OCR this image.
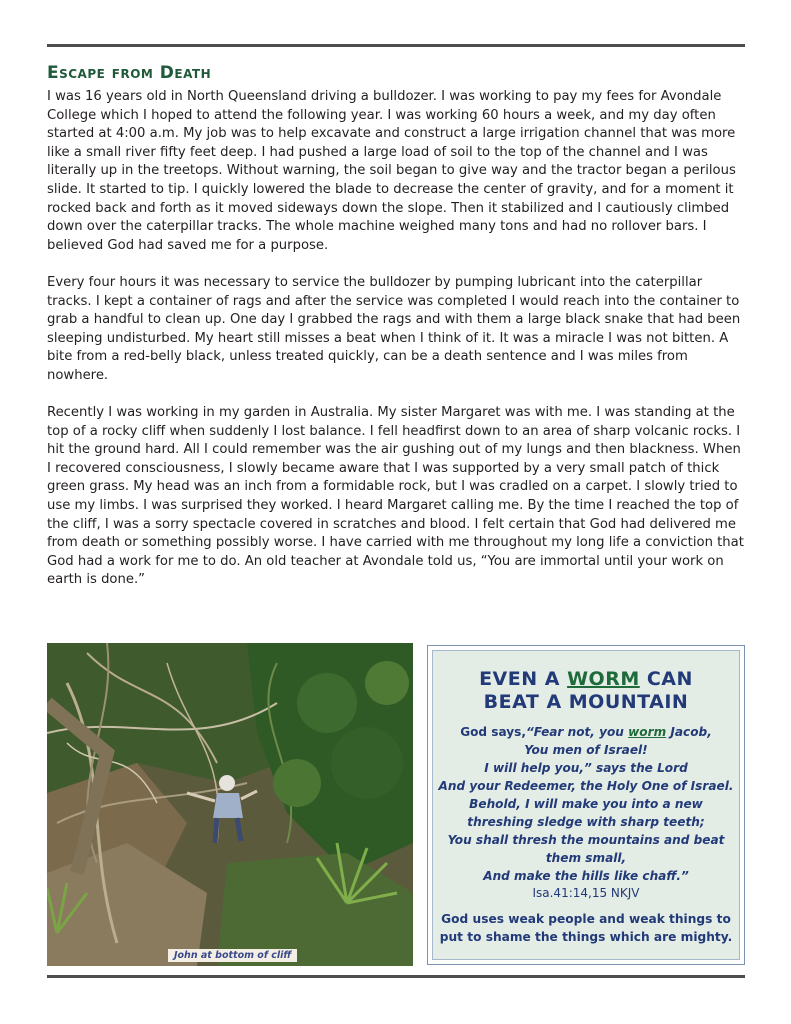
Escape from Death

I was 16 years old in North Queensland driving a bulldozer. I was working to pay my fees for Avondale College which I hoped to attend the following year. I was working 60 hours a week, and my day often started at 4:00 a.m. My job was to help excavate and construct a large irrigation channel that was more like a small river fifty feet deep. I had pushed a large load of soil to the top of the channel and I was literally up in the treetops. Without warning, the soil began to give way and the tractor began a perilous slide. It started to tip. I quickly lowered the blade to decrease the center of gravity, and for a moment it rocked back and forth as it moved sideways down the slope. Then it stabilized and I cautiously climbed down over the caterpillar tracks. The whole machine weighed many tons and had no rollover bars. I believed God had saved me for a purpose.

Every four hours it was necessary to service the bulldozer by pumping lubricant into the caterpillar tracks. I kept a container of rags and after the service was completed I would reach into the container to grab a handful to clean up. One day I grabbed the rags and with them a large black snake that had been sleeping undisturbed. My heart still misses a beat when I think of it. It was a miracle I was not bitten. A bite from a red-belly black, unless treated quickly, can be a death sentence and I was miles from nowhere.

Recently I was working in my garden in Australia. My sister Margaret was with me. I was standing at the top of a rocky cliff when suddenly I lost balance. I fell headfirst down to an area of sharp volcanic rocks. I hit the ground hard. All I could remember was the air gushing out of my lungs and then blackness. When I recovered consciousness, I slowly became aware that I was supported by a very small patch of thick green grass. My head was an inch from a formidable rock, but I was cradled on a carpet. I slowly tried to use my limbs. I was surprised they worked. I heard Margaret calling me. By the time I reached the top of the cliff, I was a sorry spectacle covered in scratches and blood. I felt certain that God had delivered me from death or something possibly worse. I have carried with me throughout my long life a conviction that God had a work for me to do. An old teacher at Avondale told us, “You are immortal until your work on earth is done.”

John at bottom of cliff

EVEN A WORM CAN
BEAT A MOUNTAIN

God says,“Fear not, you worm Jacob,
You men of Israel!
I will help you,” says the Lord
And your Redeemer, the Holy One of Israel.
Behold, I will make you into a new
threshing sledge with sharp teeth;
You shall thresh the mountains and beat
them small,
And make the hills like chaff.”

Isa.41:14,15 NKJV

God uses weak people and weak things to
put to shame the things which are mighty.
